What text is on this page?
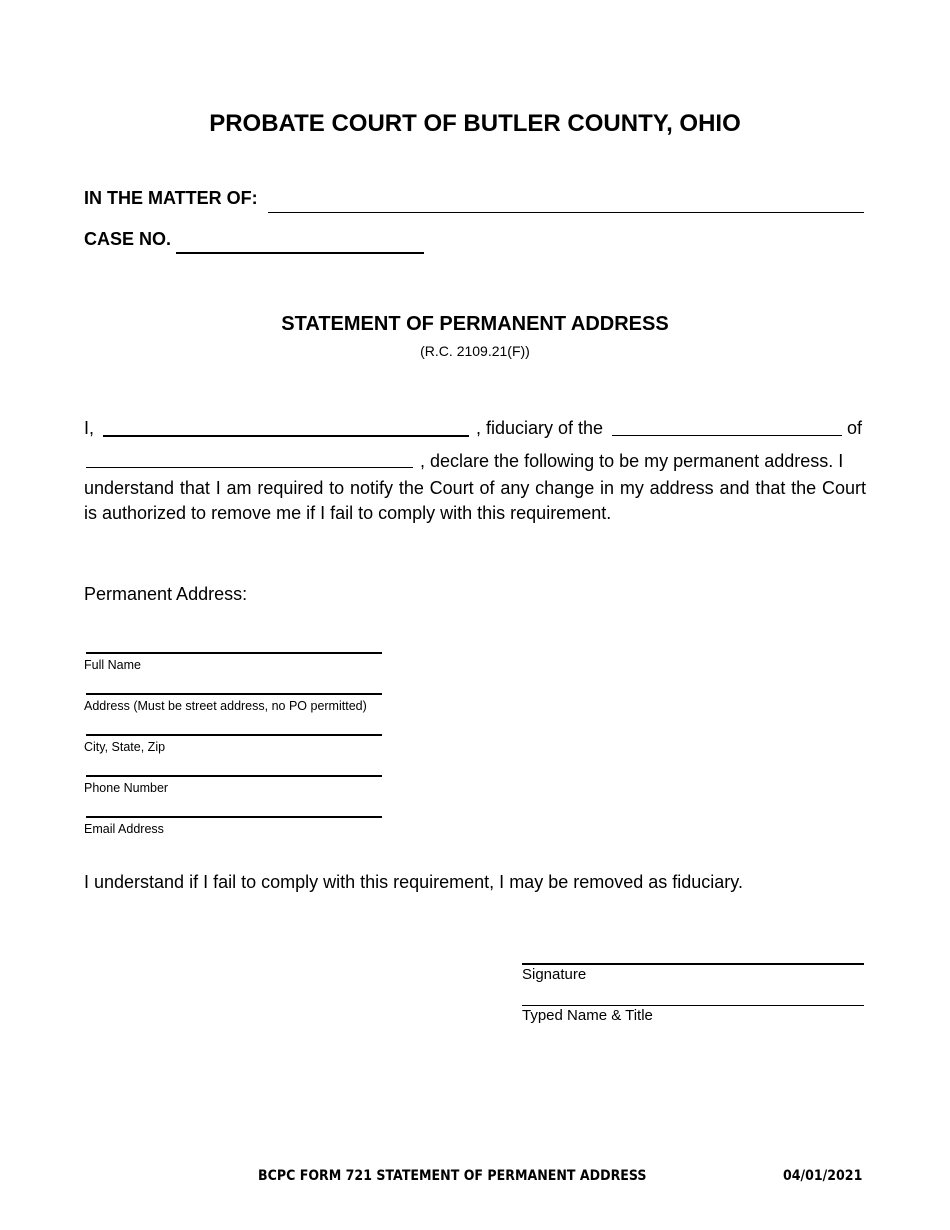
PROBATE COURT OF BUTLER COUNTY, OHIO
IN THE MATTER OF:
CASE NO.
STATEMENT OF PERMANENT ADDRESS
(R.C. 2109.21(F))
I,	, fiduciary of the	of
, declare the following to be my permanent address. I
understand that I am required to notify the Court of any change in my address and that the Court is authorized to remove me if I fail to comply with this requirement.
Permanent Address:
Full Name
Address (Must be street address, no PO permitted)
City, State, Zip
Phone Number
Email Address
I understand if I fail to comply with this requirement, I may be removed as fiduciary.
Signature
Typed Name & Title
BCPC FORM 721 STATEMENT OF PERMANENT ADDRESS	04/01/2021
